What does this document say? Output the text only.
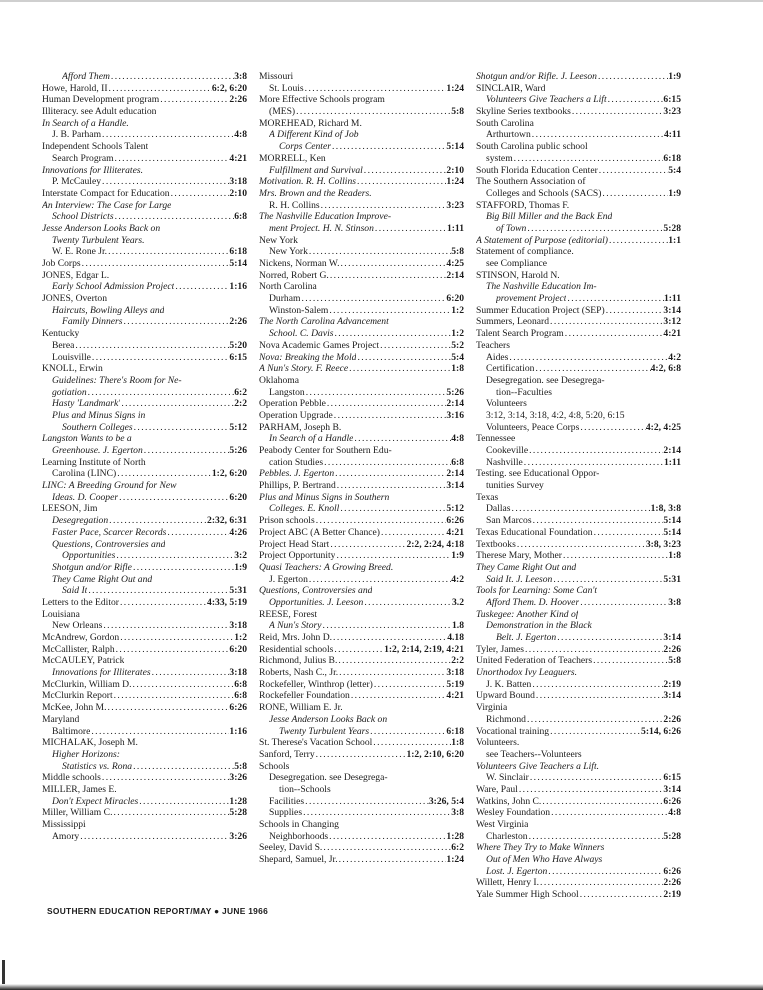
Afford Them .....	3:8
Howe, Harold, II .....	6:2, 6:20
Human Development program .....	2:26
Illiteracy. see Adult education
In Search of a Handle.
J. B. Parham .....	4:8
Independent Schools Talent
Search Program .....	4:21
Innovations for Illiterates.
P. McCauley .....	3:18
Interstate Compact for Education .....	2:10
An Interview: The Case for Large
School Districts .....	6:8
Jesse Anderson Looks Back on
Twenty Turbulent Years.
W. E. Rone Jr. .....	6:18
Job Corps .....	5:14
JONES, Edgar L.
Early School Admission Project .....	1:16
JONES, Overton
Haircuts, Bowling Alleys and
Family Dinners .....	2:26
Kentucky
Berea .....	5:20
Louisville .....	6:15
KNOLL, Erwin
Guidelines: There's Room for Ne-
gotiation .....	6:2
Hasty 'Landmark' .....	2:2
Plus and Minus Signs in
Southern Colleges .....	5:12
Langston Wants to be a
Greenhouse. J. Egerton .....	5:26
Learning Institute of North
Carolina (LINC) .....	1:2, 6:20
LINC: A Breeding Ground for New
Ideas. D. Cooper .....	6:20
LEESON, Jim
Desegregation .....	2:32, 6:31
Faster Pace, Scarcer Records .....	4:26
Questions, Controversies and
Opportunities .....	3:2
Shotgun and/or Rifle .....	1:9
They Came Right Out and
Said It .....	5:31
Letters to the Editor .....	4:33, 5:19
Louisiana
New Orleans .....	3:18
McAndrew, Gordon .....	1:2
McCallister, Ralph .....	6:20
McCAULEY, Patrick
Innovations for Illiterates .....	3:18
McClurkin, William D. .....	6:8
McClurkin Report .....	6:8
McKee, John M. .....	6:26
Maryland
Baltimore .....	1:16
MICHALAK, Joseph M.
Higher Horizons:
Statistics vs. Rona .....	5:8
Middle schools .....	3:26
MILLER, James E.
Don't Expect Miracles .....	1:28
Miller, William C. .....	5:28
Mississippi
Amory .....	3:26
Missouri
St. Louis .....	1:24
More Effective Schools program
(MES) .....	5:8
MOREHEAD, Richard M.
A Different Kind of Job
Corps Center .....	5:14
MORRELL, Ken
Fulfillment and Survival .....	2:10
Motivation. R. H. Collins .....	1:24
Mrs. Brown and the Readers.
R. H. Collins .....	3:23
The Nashville Education Improve-
ment Project. H. N. Stinson .....	1:11
New York
New York .....	5:8
Nickens, Norman W. .....	4:25
Norred, Robert G. .....	2:14
North Carolina
Durham .....	6:20
Winston-Salem .....	1:2
The North Carolina Advancement
School. C. Davis .....	1:2
Nova Academic Games Project .....	5:2
Nova: Breaking the Mold .....	5:4
A Nun's Story. F. Reece .....	1:8
Oklahoma
Langston .....	5:26
Operation Pebble .....	2:14
Operation Upgrade .....	3:16
PARHAM, Joseph B.
In Search of a Handle .....	4:8
Peabody Center for Southern Edu-
cation Studies .....	6:8
Pebbles. J. Egerton .....	2:14
Phillips, P. Bertrand .....	3:14
Plus and Minus Signs in Southern
Colleges. E. Knoll .....	5:12
Prison schools .....	6:26
Project ABC (A Better Chance) .....	4:21
Project Head Start .....	2:2, 2:24, 4:18
Project Opportunity .....	1:9
Quasi Teachers: A Growing Breed.
J. Egerton .....	4:2
Questions, Controversies and
Opportunities. J. Leeson .....	3.2
REESE, Forest
A Nun's Story .....	1.8
Reid, Mrs. John D. .....	4.18
Residential schools .....	1:2, 2:14, 2:19, 4:21
Richmond, Julius B. .....	2:2
Roberts, Nash C., Jr. .....	3:18
Rockefeller, Winthrop (letter) .....	5:19
Rockefeller Foundation .....	4:21
RONE, William E. Jr.
Jesse Anderson Looks Back on
Twenty Turbulent Years .....	6:18
St. Therese's Vacation School .....	1:8
Sanford, Terry .....	1:2, 2:10, 6:20
Schools
Desegregation. see Desegrega-
tion--Schools
Facilities .....	3:26, 5:4
Supplies .....	3:8
Schools in Changing
Neighborhoods .....	1:28
Seeley, David S. .....	6:2
Shepard, Samuel, Jr. .....	1:24
Shotgun and/or Rifle. J. Leeson .....	1:9
SINCLAIR, Ward
Volunteers Give Teachers a Lift .....	6:15
Skyline Series textbooks .....	3:23
South Carolina
Arthurtown .....	4:11
South Carolina public school
system .....	6:18
South Florida Education Center .....	5:4
The Southern Association of
Colleges and Schools (SACS) .....	1:9
STAFFORD, Thomas F.
Big Bill Miller and the Back End
of Town .....	5:28
A Statement of Purpose (editorial) .....	1:1
Statement of compliance.
see Compliance
STINSON, Harold N.
The Nashville Education Im-
provement Project .....	1:11
Summer Education Project (SEP) .....	3:14
Summers, Leonard .....	3:12
Talent Search Program .....	4:21
Teachers
Aides .....	4:2
Certification .....	4:2, 6:8
Desegregation. see Desegrega-
tion--Faculties
Volunteers
3:12, 3:14, 3:18, 4:2, 4:8, 5:20, 6:15
Volunteers, Peace Corps .....	4:2, 4:25
Tennessee
Cookeville .....	2:14
Nashville .....	1:11
Testing. see Educational Oppor-
tunities Survey
Texas
Dallas .....	1:8, 3:8
San Marcos .....	5:14
Texas Educational Foundation .....	5:14
Textbooks .....	3:8, 3:23
Therese Mary, Mother .....	1:8
They Came Right Out and
Said It. J. Leeson .....	5:31
Tools for Learning: Some Can't
Afford Them. D. Hoover .....	3:8
Tuskegee: Another Kind of
Demonstration in the Black
Belt. J. Egerton .....	3:14
Tyler, James .....	2:26
United Federation of Teachers .....	5:8
Unorthodox Ivy Leaguers.
J. K. Batten .....	2:19
Upward Bound .....	3:14
Virginia
Richmond .....	2:26
Vocational training .....	5:14, 6:26
Volunteers.
see Teachers--Volunteers
Volunteers Give Teachers a Lift.
W. Sinclair .....	6:15
Ware, Paul .....	3:14
Watkins, John C. .....	6:26
Wesley Foundation .....	4:8
West Virginia
Charleston .....	5:28
Where They Try to Make Winners
Out of Men Who Have Always
Lost. J. Egerton .....	6:26
Willett, Henry I. .....	2:26
Yale Summer High School .....	2:19
SOUTHERN EDUCATION REPORT/MAY ● JUNE 1966
